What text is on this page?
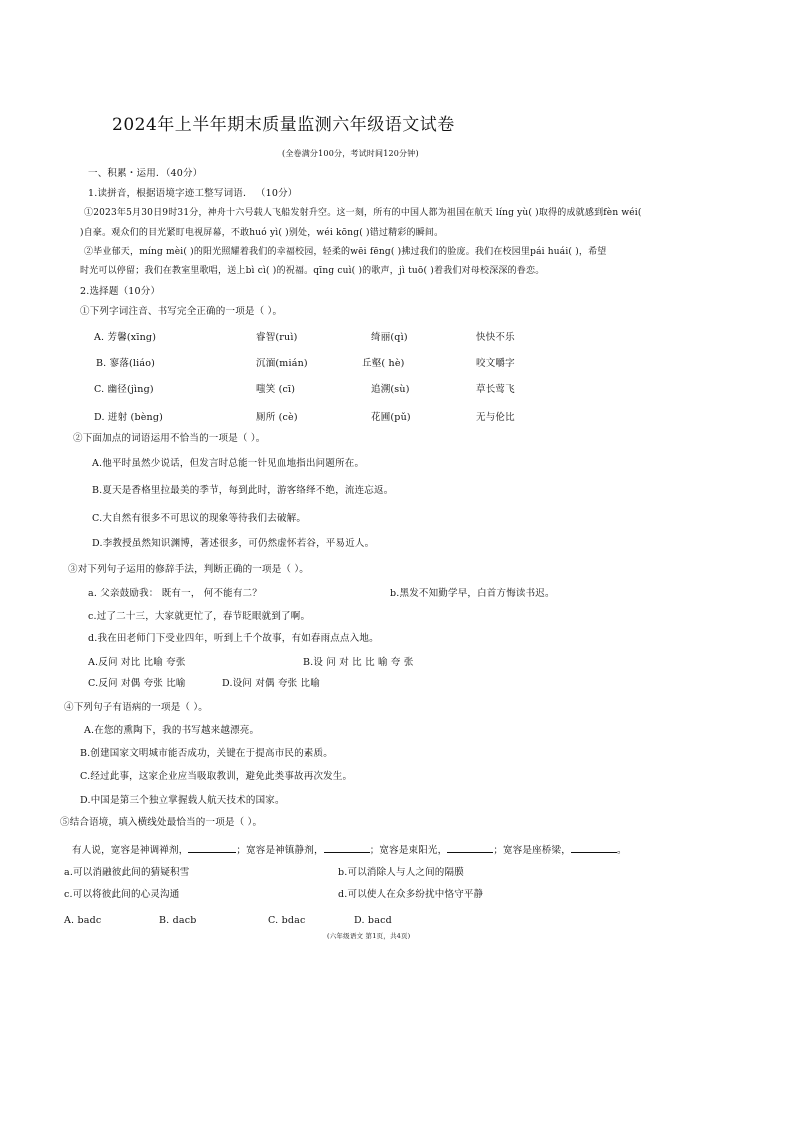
2024年上半年期末质量监测六年级语文试卷
(全卷满分100分，考试时间120分钟)
一、积累・运用．（40分）
1.读拼音，根据语境字迹工整写词语． （10分）
①2023年5月30日9时31分，神舟十六号载人飞船发射升空。这一刻，所有的中国人都为祖国在航天 líng yù( )取得的成就感到fèn wéi(
)自豪。观众们的目光紧盯电视屏幕，不敢huó yì( )别处，wéi kōng( )错过精彩的瞬间。
②毕业郁天，míng mèi( )的阳光照耀着我们的幸福校园，轻柔的wēi fēng( )拂过我们的脸庞。我们在校园里pái huái( )，希望
时光可以停留；我们在教室里歌唱，送上bì cì( )的祝福。qīng cuì( )的歌声，jì tuō( )着我们对母校深深的眷恋。
2.选择题（10分）
①下列字词注音、书写完全正确的一项是（ ）。
A. 芳馨(xīng)	睿智(ruì)	绮丽(qì)	快快不乐
B. 寥落(liáo)	沉湎(mián)	丘壑( hè)	咬文嚼字
C. 幽径(jìng)	嗤笑 (cī)	追溯(sù)	草长莺飞
D. 迸射 (bèng)	厕所 (cè)	花圃(pǔ)	无与伦比
②下面加点的词语运用不恰当的一项是（ ）。
A.他平时虽然少说话，但发言时总能一针见血地指出问题所在。
B.夏天是香格里拉最美的季节，每到此时，游客络绎不绝，流连忘返。
C.大自然有很多不可思议的现象等待我们去破解。
D.李教授虽然知识渊博，著述很多，可仍然虚怀若谷，平易近人。
③对下列句子运用的修辞手法，判断正确的一项是（ ）。
a. 父亲鼓励我： 既有一， 何不能有二？	b.黑发不知勤学早，白首方悔读书迟。
c.过了二十三，大家就更忙了，春节眨眼就到了啊。
d.我在田老师门下受业四年，听到上千个故事，有如春雨点点入地。
A.反问 对比 比喻 夸张	B.设 问 对 比 比 喻 夸 张
C.反问 对偶 夸张 比喻	D.设问 对偶 夸张 比喻
④下列句子有语病的一项是（ ）。
A.在您的熏陶下，我的书写越来越漂亮。
B.创建国家文明城市能否成功，关键在于提高市民的素质。
C.经过此事，这家企业应当吸取教训，避免此类事故再次发生。
D.中国是第三个独立掌握载人航天技术的国家。
⑤结合语境，填入横线处最恰当的一项是（ ）。
有人说，宽容是神调禅剂，	；宽容是神镇静剂，	；宽容是束阳光，	；宽容是座桥梁，	。
a.可以消融彼此间的猜疑积雪	b.可以消除人与人之间的隔膜
c.可以将彼此间的心灵沟通	d.可以使人在众多纷扰中恪守平静
A. badc	B. dacb	C. bdac	D. bacd
(六年级语文 第1页，共4页)
